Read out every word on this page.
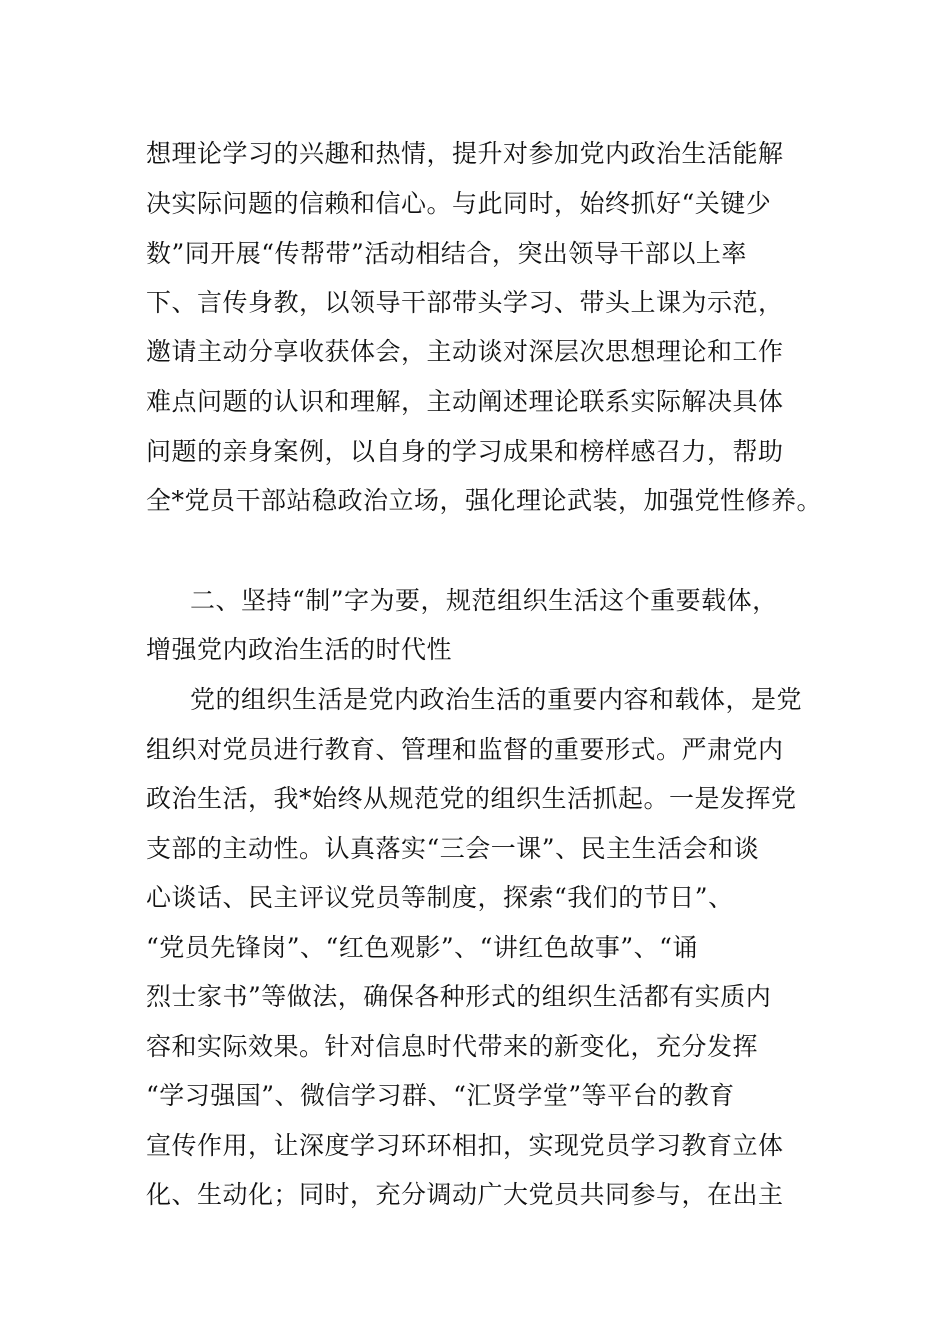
想理论学习的兴趣和热情，提升对参加党内政治生活能解
决实际问题的信赖和信心。与此同时，始终抓好“关键少
数”同开展“传帮带”活动相结合，突出领导干部以上率
下、言传身教，以领导干部带头学习、带头上课为示范，
邀请主动分享收获体会，主动谈对深层次思想理论和工作
难点问题的认识和理解，主动阐述理论联系实际解决具体
问题的亲身案例，以自身的学习成果和榜样感召力，帮助
全*党员干部站稳政治立场，强化理论武装，加强党性修养。
二、坚持“制”字为要，规范组织生活这个重要载体，
增强党内政治生活的时代性
党的组织生活是党内政治生活的重要内容和载体，是党
组织对党员进行教育、管理和监督的重要形式。严肃党内
政治生活，我*始终从规范党的组织生活抓起。一是发挥党
支部的主动性。认真落实“三会一课”、民主生活会和谈
心谈话、民主评议党员等制度，探索“我们的节日”、
“党员先锋岗”、“红色观影”、“讲红色故事”、“诵
烈士家书”等做法，确保各种形式的组织生活都有实质内
容和实际效果。针对信息时代带来的新变化，充分发挥
“学习强国”、微信学习群、“汇贤学堂”等平台的教育
宣传作用，让深度学习环环相扣，实现党员学习教育立体
化、生动化；同时，充分调动广大党员共同参与，在出主
